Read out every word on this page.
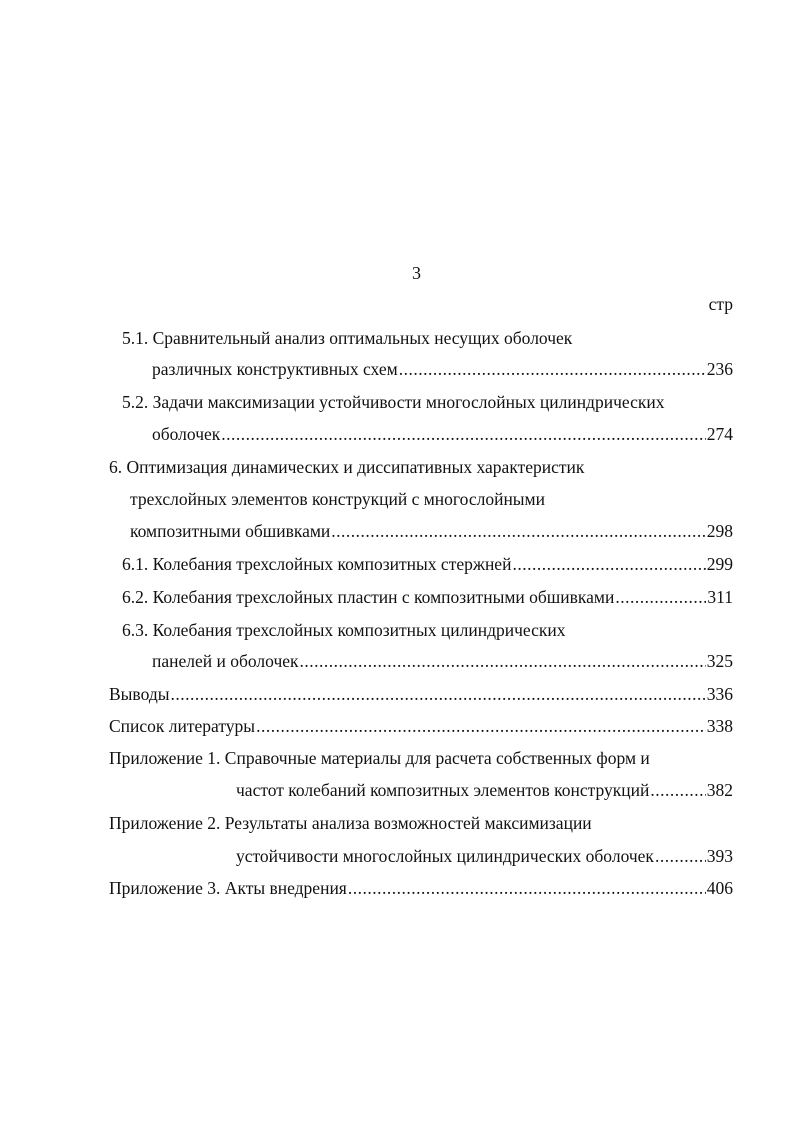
3
стр
5.1. Сравнительный анализ оптимальных несущих оболочек
различных конструктивных схем .....	236
5.2. Задачи максимизации устойчивости многослойных цилиндрических
оболочек .....	274
6. Оптимизация динамических и диссипативных характеристик
трехслойных элементов конструкций с многослойными
композитными обшивками .....	298
6.1. Колебания трехслойных композитных стержней .....	299
6.2. Колебания трехслойных пластин с композитными обшивками .....	311
6.3. Колебания трехслойных композитных цилиндрических
панелей и оболочек .....	325
Выводы .....	336
Список литературы .....	338
Приложение 1. Справочные материалы для расчета собственных форм и
частот колебаний композитных элементов конструкций .....	382
Приложение 2. Результаты анализа возможностей максимизации
устойчивости многослойных цилиндрических оболочек .....	393
Приложение 3. Акты внедрения .....	406
